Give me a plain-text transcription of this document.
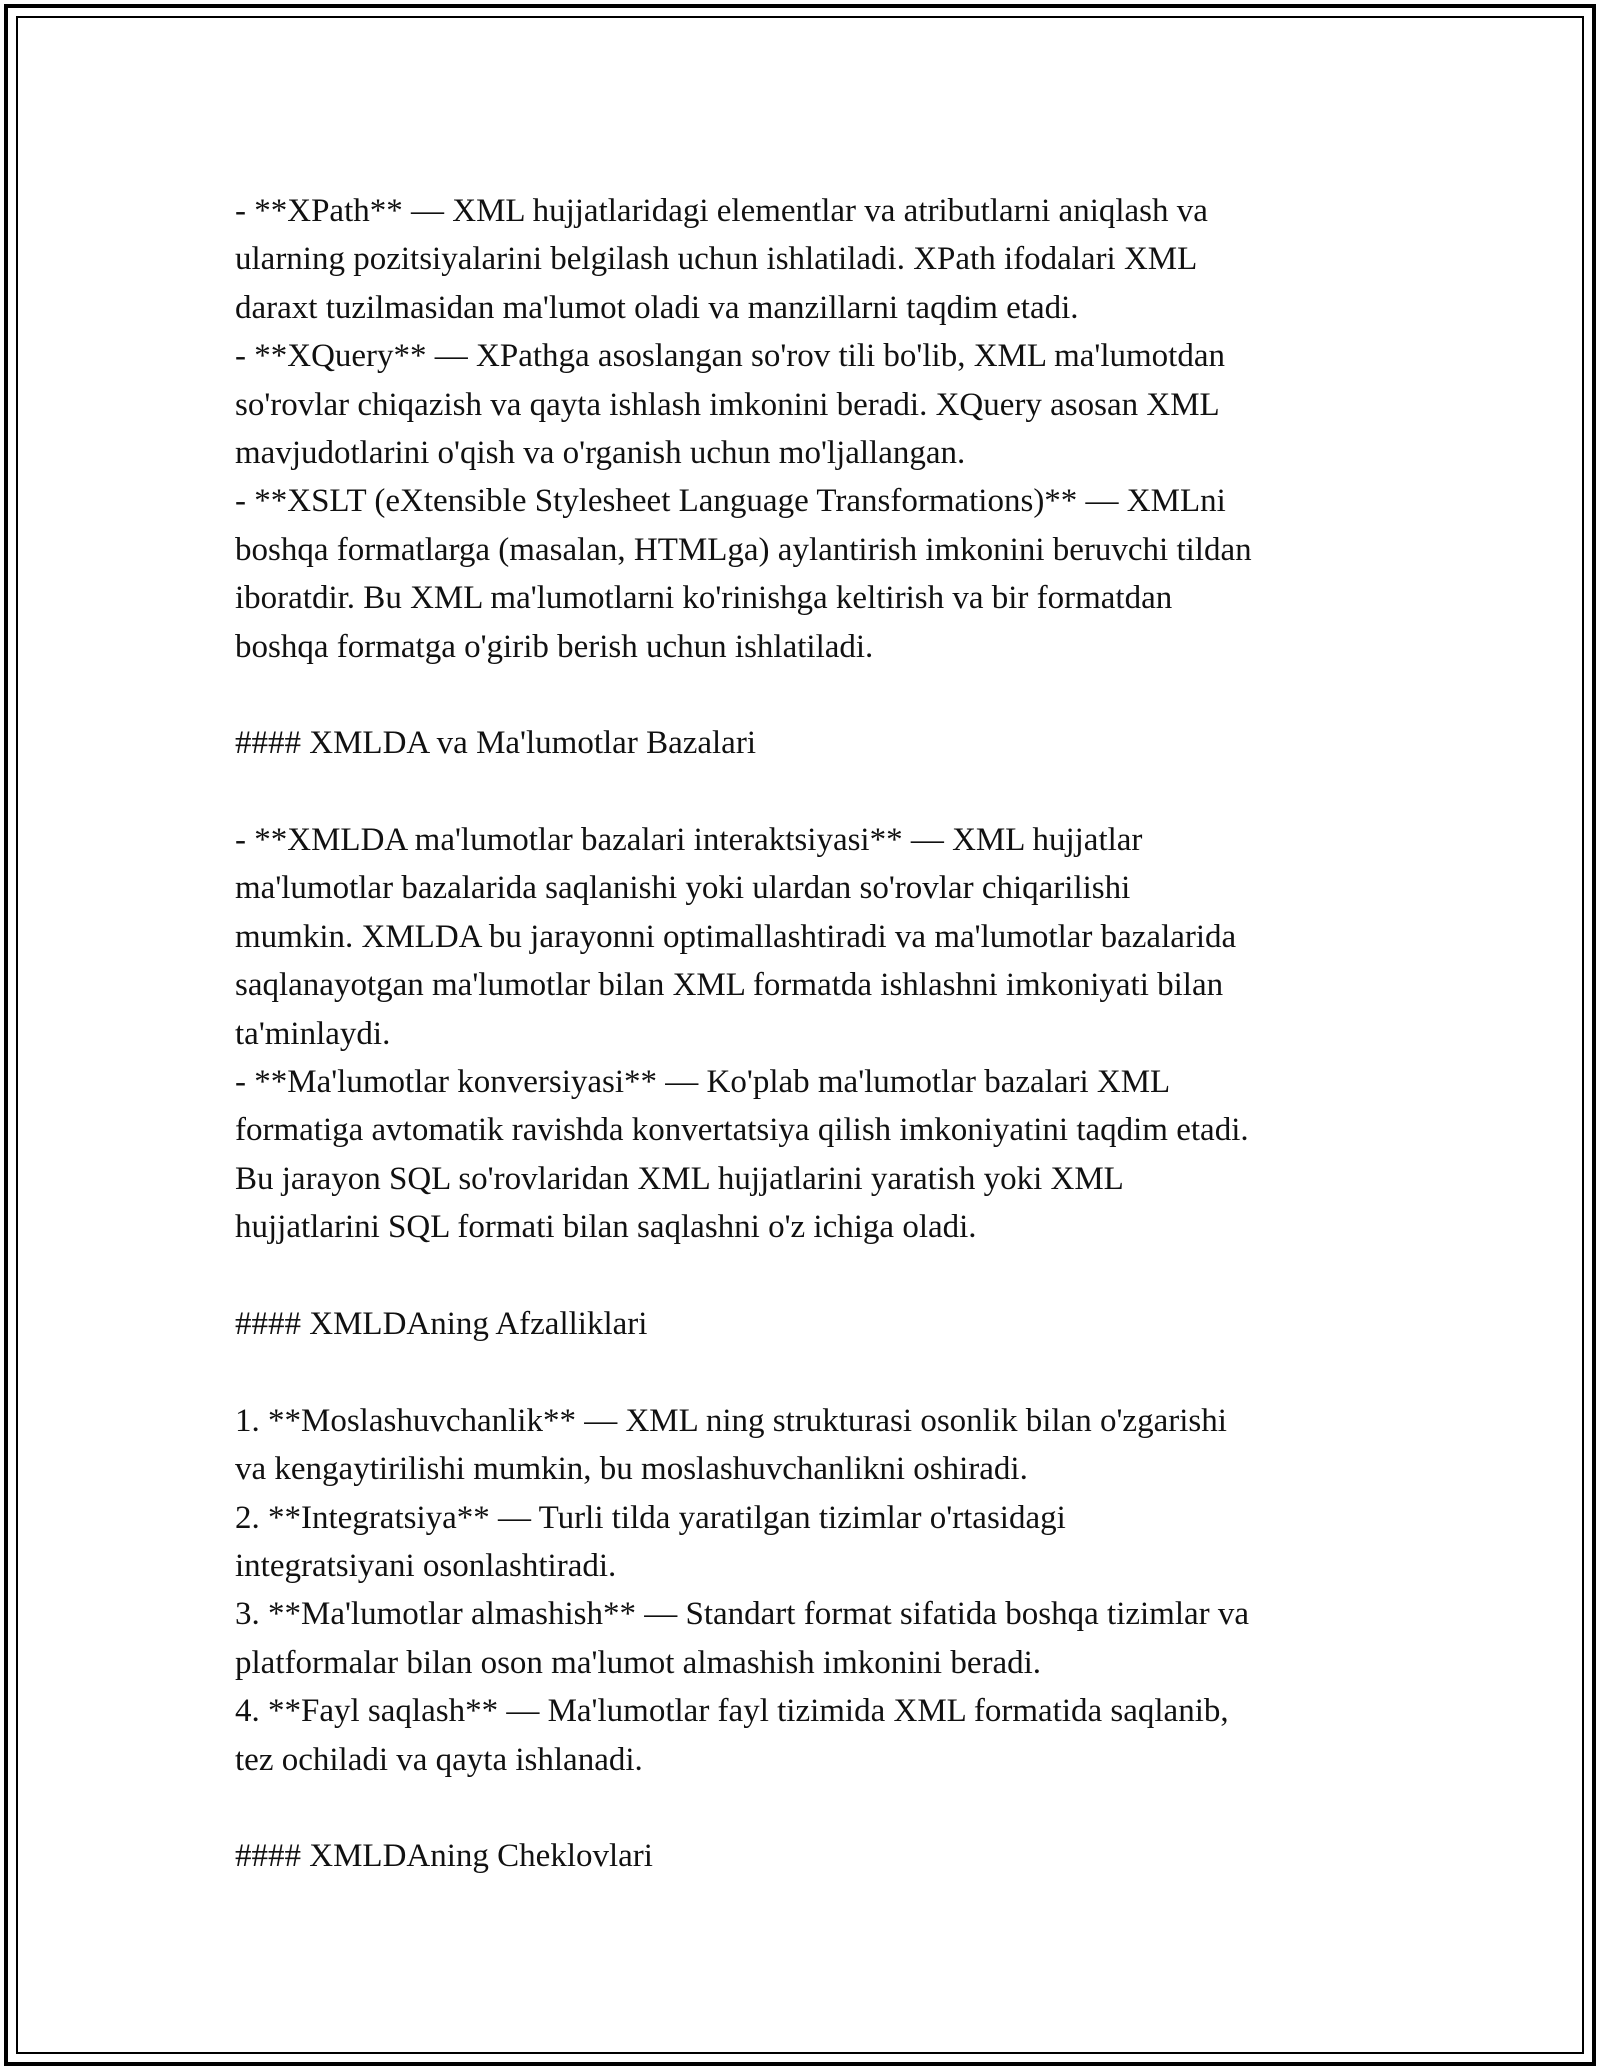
- **XPath** — XML hujjatlaridagi elementlar va atributlarni aniqlash va

ularning pozitsiyalarini belgilash uchun ishlatiladi. XPath ifodalari XML

daraxt tuzilmasidan ma'lumot oladi va manzillarni taqdim etadi.

- **XQuery** — XPathga asoslangan so'rov tili bo'lib, XML ma'lumotdan

so'rovlar chiqazish va qayta ishlash imkonini beradi. XQuery asosan XML

mavjudotlarini o'qish va o'rganish uchun mo'ljallangan.

- **XSLT (eXtensible Stylesheet Language Transformations)** — XMLni

boshqa formatlarga (masalan, HTMLga) aylantirish imkonini beruvchi tildan

iboratdir. Bu XML ma'lumotlarni ko'rinishga keltirish va bir formatdan

boshqa formatga o'girib berish uchun ishlatiladi.

#### XMLDA va Ma'lumotlar Bazalari

- **XMLDA ma'lumotlar bazalari interaktsiyasi** — XML hujjatlar

ma'lumotlar bazalarida saqlanishi yoki ulardan so'rovlar chiqarilishi

mumkin. XMLDA bu jarayonni optimallashtiradi va ma'lumotlar bazalarida

saqlanayotgan ma'lumotlar bilan XML formatda ishlashni imkoniyati bilan

ta'minlaydi.

- **Ma'lumotlar konversiyasi** — Ko'plab ma'lumotlar bazalari XML

formatiga avtomatik ravishda konvertatsiya qilish imkoniyatini taqdim etadi.

Bu jarayon SQL so'rovlaridan XML hujjatlarini yaratish yoki XML

hujjatlarini SQL formati bilan saqlashni o'z ichiga oladi.

#### XMLDAning Afzalliklari

1. **Moslashuvchanlik** — XML ning strukturasi osonlik bilan o'zgarishi

va kengaytirilishi mumkin, bu moslashuvchanlikni oshiradi.

2. **Integratsiya** — Turli tilda yaratilgan tizimlar o'rtasidagi

integratsiyani osonlashtiradi.

3. **Ma'lumotlar almashish** — Standart format sifatida boshqa tizimlar va

platformalar bilan oson ma'lumot almashish imkonini beradi.

4. **Fayl saqlash** — Ma'lumotlar fayl tizimida XML formatida saqlanib,

tez ochiladi va qayta ishlanadi.

#### XMLDAning Cheklovlari
